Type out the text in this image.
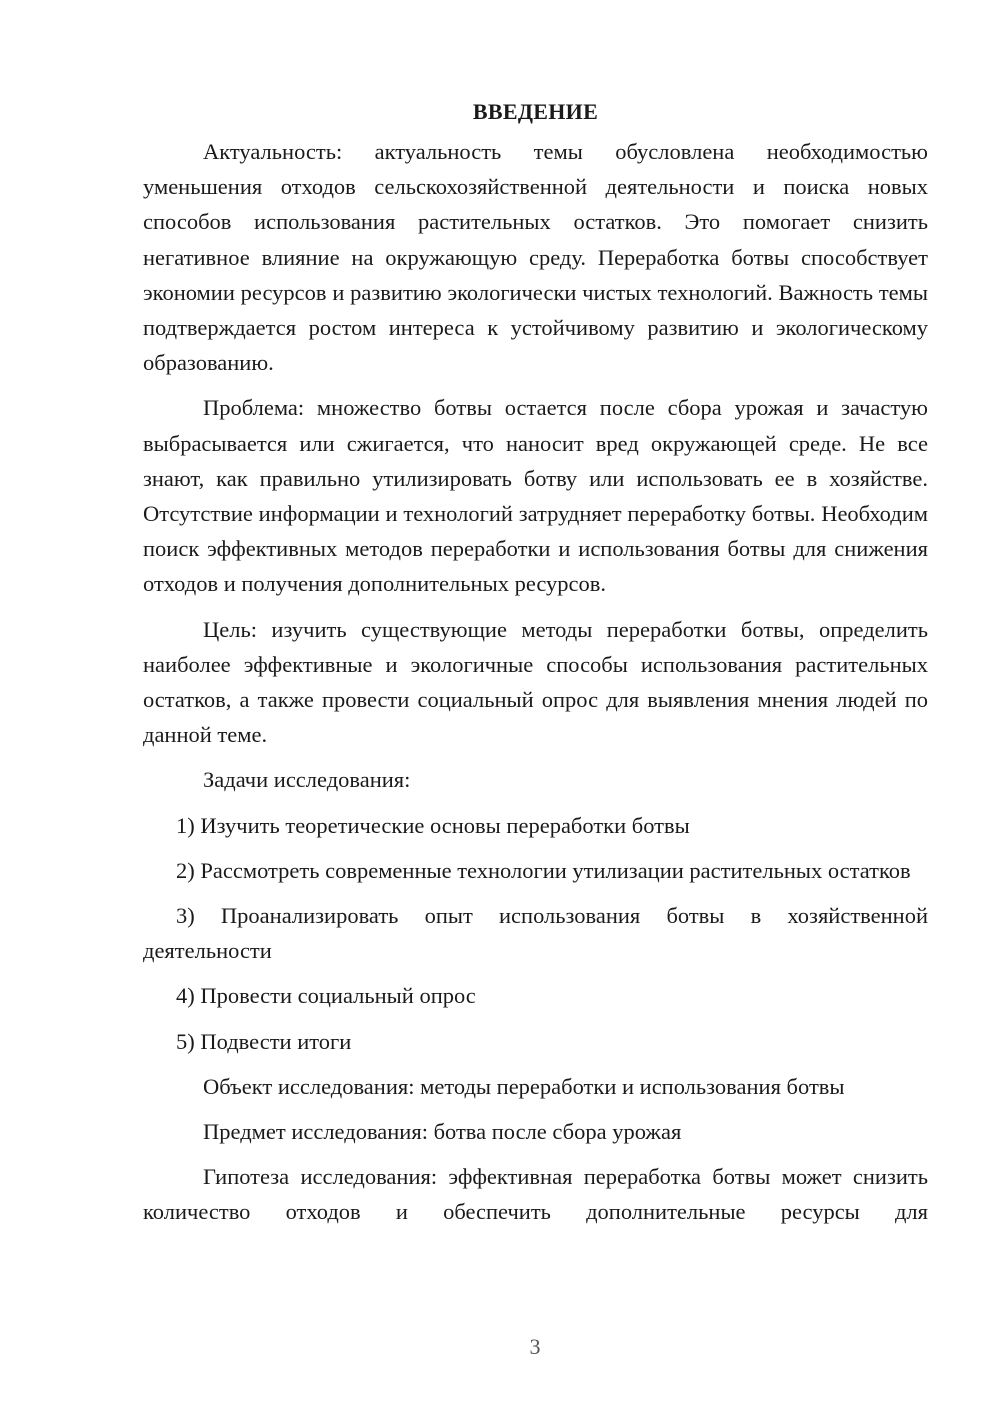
ВВЕДЕНИЕ

Актуальность: актуальность темы обусловлена необходимостью уменьшения отходов сельскохозяйственной деятельности и поиска новых способов использования растительных остатков. Это помогает снизить негативное влияние на окружающую среду. Переработка ботвы способствует экономии ресурсов и развитию экологически чистых технологий. Важность темы подтверждается ростом интереса к устойчивому развитию и экологическому образованию.

Проблема: множество ботвы остается после сбора урожая и зачастую выбрасывается или сжигается, что наносит вред окружающей среде. Не все знают, как правильно утилизировать ботву или использовать ее в хозяйстве. Отсутствие информации и технологий затрудняет переработку ботвы. Необходим поиск эффективных методов переработки и использования ботвы для снижения отходов и получения дополнительных ресурсов.

Цель: изучить существующие методы переработки ботвы, определить наиболее эффективные и экологичные способы использования растительных остатков, а также провести социальный опрос для выявления мнения людей по данной теме.

Задачи исследования:

1) Изучить теоретические основы переработки ботвы

2) Рассмотреть современные технологии утилизации растительных остатков

3) Проанализировать опыт использования ботвы в хозяйственной деятельности

4) Провести социальный опрос

5) Подвести итоги

Объект исследования: методы переработки и использования ботвы

Предмет исследования: ботва после сбора урожая

Гипотеза исследования: эффективная переработка ботвы может снизить количество отходов и обеспечить дополнительные ресурсы для

3
